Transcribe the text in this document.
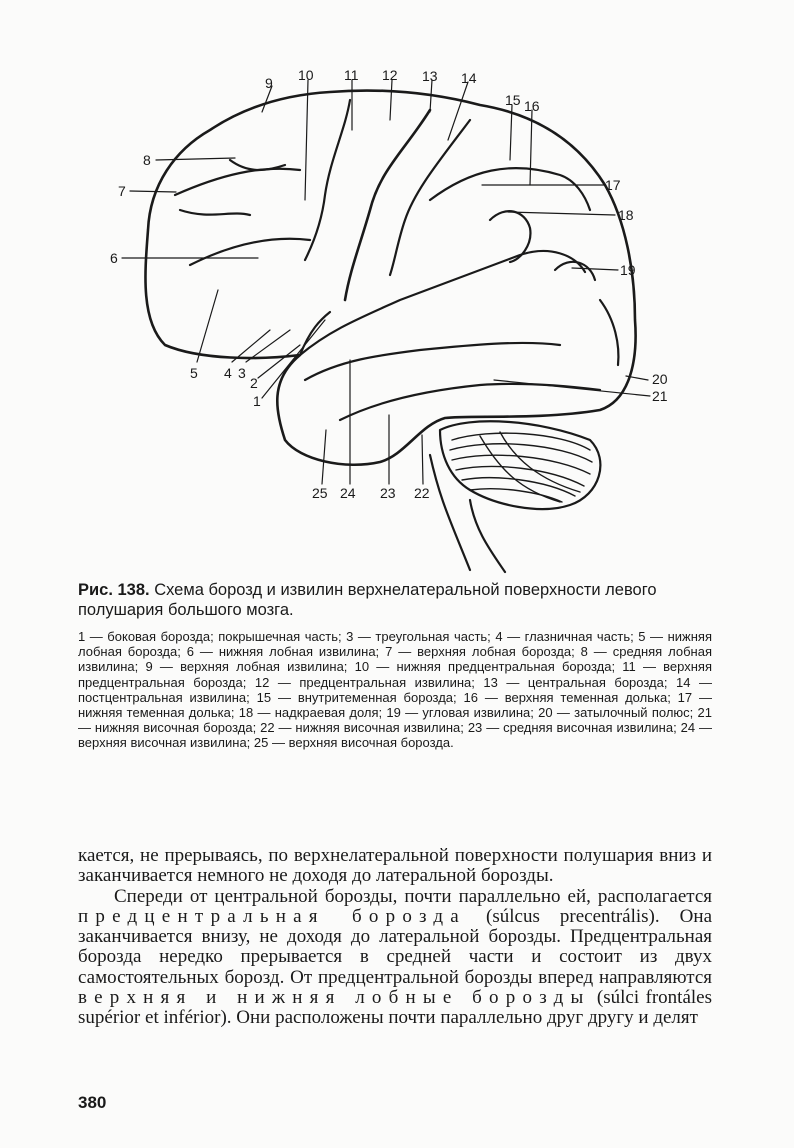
9 10 11 12 13 14
15 16
17
18
19
20
21
8
7
6
5 4 3
2
1
25 24 23 22

Рис. 138. Схема борозд и извилин верхнелатеральной поверхности левого полушария большого мозга.

1 — боковая борозда; покрышечная часть; 3 — треугольная часть; 4 — глазничная часть; 5 — нижняя лобная борозда; 6 — нижняя лобная извилина; 7 — верхняя лобная борозда; 8 — средняя лобная извилина; 9 — верхняя лобная извилина; 10 — нижняя предцентральная борозда; 11 — верхняя предцентральная борозда; 12 — предцентральная извилина; 13 — центральная борозда; 14 — постцентральная извилина; 15 — внутритеменная борозда; 16 — верхняя теменная долька; 17 — нижняя теменная долька; 18 — надкраевая доля; 19 — угловая извилина; 20 — затылочный полюс; 21 — нижняя височная борозда; 22 — нижняя височная извилина; 23 — средняя височная извилина; 24 — верхняя височная извилина; 25 — верхняя височная борозда.

кается, не прерываясь, по верхнелатеральной поверхности полушария вниз и заканчивается немного не доходя до латеральной борозды.

Спереди от центральной борозды, почти параллельно ей, располагается предцентральная борозда (súlcus precentrális). Она заканчивается внизу, не доходя до латеральной борозды. Предцентральная борозда нередко прерывается в средней части и состоит из двух самостоятельных борозд. От предцентральной борозды вперед направляются верхняя и нижняя лобные борозды (súlci frontáles supérior et inférior). Они расположены почти параллельно друг другу и делят

380
